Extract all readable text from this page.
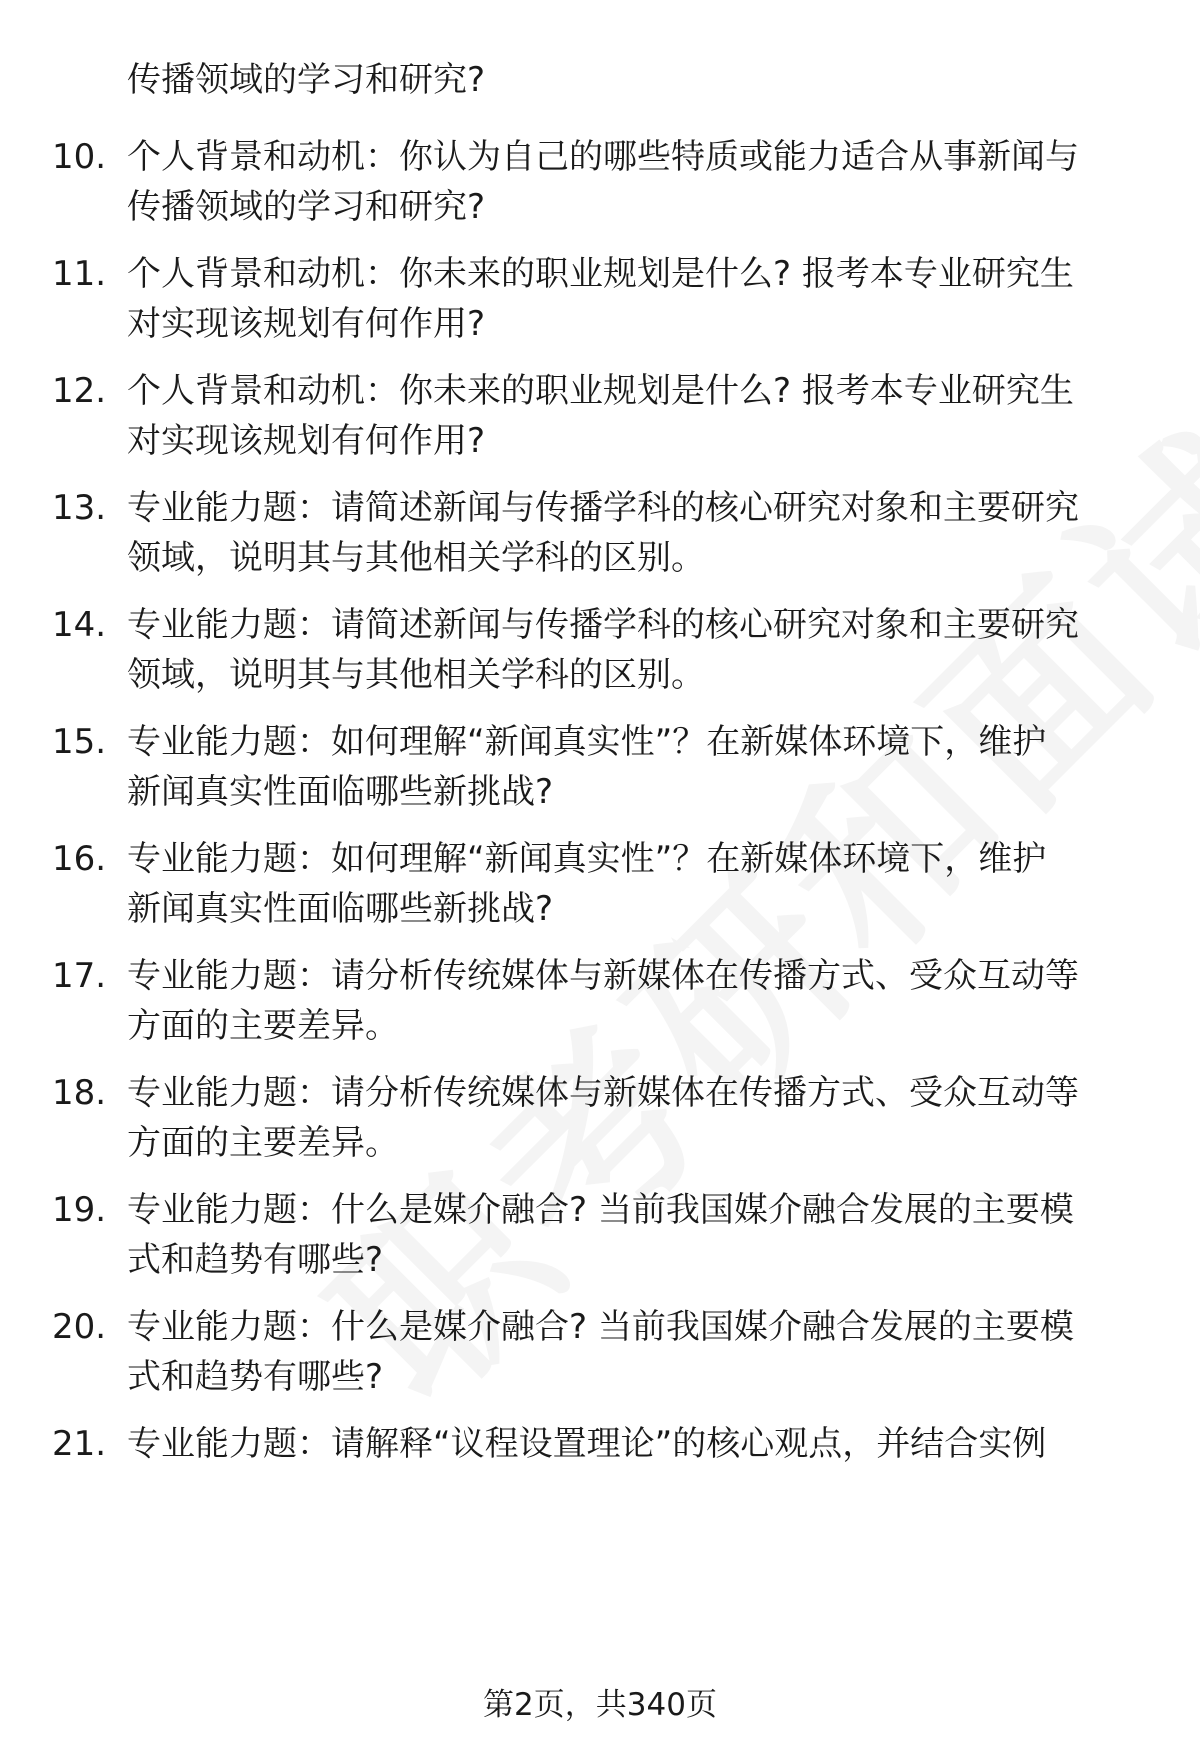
传播领域的学习和研究?
10. 个人背景和动机：你认为自己的哪些特质或能力适合从事新闻与
传播领域的学习和研究?
11. 个人背景和动机：你未来的职业规划是什么? 报考本专业研究生
对实现该规划有何作用?
12. 个人背景和动机：你未来的职业规划是什么? 报考本专业研究生
对实现该规划有何作用?
13. 专业能力题：请简述新闻与传播学科的核心研究对象和主要研究
领域，说明其与其他相关学科的区别。
14. 专业能力题：请简述新闻与传播学科的核心研究对象和主要研究
领域，说明其与其他相关学科的区别。
15. 专业能力题：如何理解“新闻真实性”？在新媒体环境下，维护
新闻真实性面临哪些新挑战?
16. 专业能力题：如何理解“新闻真实性”？在新媒体环境下，维护
新闻真实性面临哪些新挑战?
17. 专业能力题：请分析传统媒体与新媒体在传播方式、受众互动等
方面的主要差异。
18. 专业能力题：请分析传统媒体与新媒体在传播方式、受众互动等
方面的主要差异。
19. 专业能力题：什么是媒介融合? 当前我国媒介融合发展的主要模
式和趋势有哪些?
20. 专业能力题：什么是媒介融合? 当前我国媒介融合发展的主要模
式和趋势有哪些?
21. 专业能力题：请解释“议程设置理论”的核心观点，并结合实例
第2页，共340页
